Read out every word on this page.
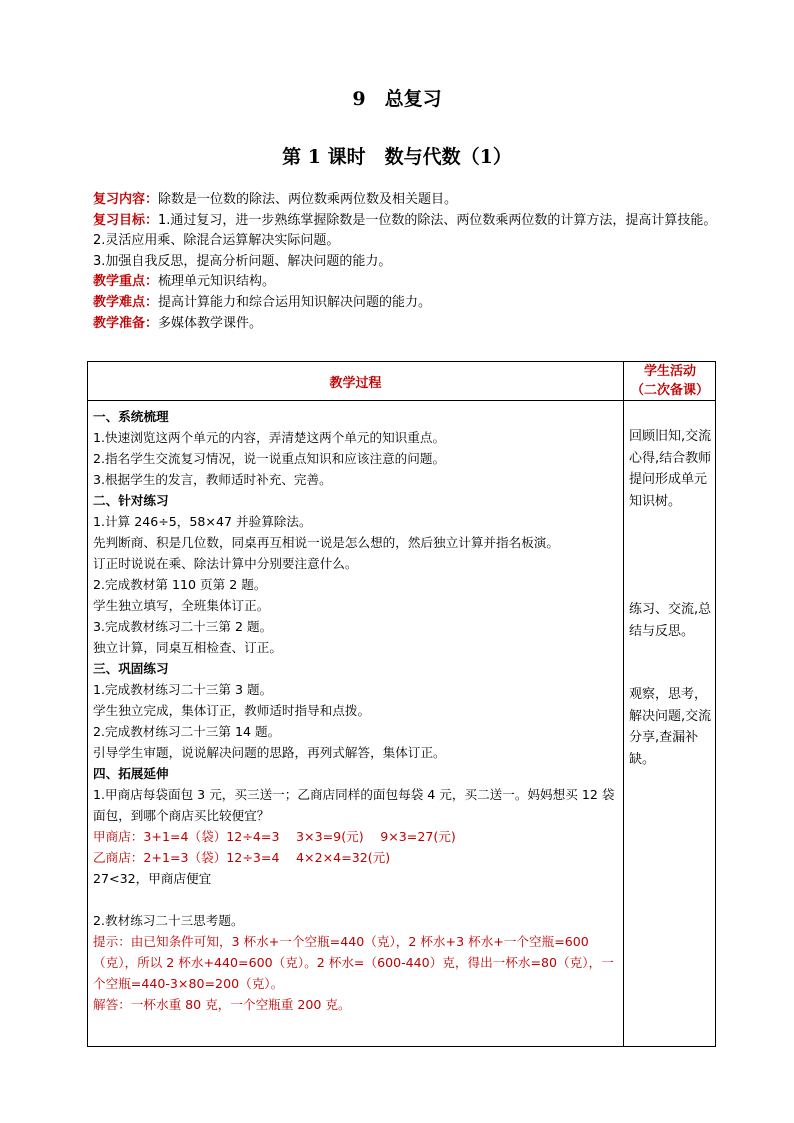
9　总复习
第 1 课时　数与代数（1）

复习内容：除数是一位数的除法、两位数乘两位数及相关题目。

复习目标：1.通过复习，进一步熟练掌握除数是一位数的除法、两位数乘两位数的计算方法，提高计算技能。

2.灵活应用乘、除混合运算解决实际问题。

3.加强自我反思，提高分析问题、解决问题的能力。

教学重点：梳理单元知识结构。

教学难点：提高计算能力和综合运用知识解决问题的能力。

教学准备：多媒体教学课件。

教学过程
学生活动
（二次备课）

一、系统梳理

1.快速浏览这两个单元的内容，弄清楚这两个单元的知识重点。

2.指名学生交流复习情况，说一说重点知识和应该注意的问题。

3.根据学生的发言，教师适时补充、完善。

二、针对练习

1.计算 246÷5，58×47 并验算除法。

先判断商、积是几位数，同桌再互相说一说是怎么想的，然后独立计算并指名板演。

订正时说说在乘、除法计算中分别要注意什么。

2.完成教材第 110 页第 2 题。

学生独立填写，全班集体订正。

3.完成教材练习二十三第 2 题。

独立计算，同桌互相检查、订正。

三、巩固练习

1.完成教材练习二十三第 3 题。

学生独立完成，集体订正，教师适时指导和点拨。

2.完成教材练习二十三第 14 题。

引导学生审题，说说解决问题的思路，再列式解答，集体订正。

四、拓展延伸

1.甲商店每袋面包 3 元，买三送一；乙商店同样的面包每袋 4 元，买二送一。妈妈想买 12 袋面包，到哪个商店买比较便宜？

甲商店：3+1=4（袋）12÷4=3　 3×3=9(元)　 9×3=27(元)

乙商店：2+1=3（袋）12÷3=4　 4×2×4=32(元)

27<32，甲商店便宜

2.教材练习二十三思考题。

提示：由已知条件可知，3 杯水+一个空瓶=440（克），2 杯水+3 杯水+一个空瓶=600（克），所以 2 杯水+440=600（克）。2 杯水=（600-440）克，得出一杯水=80（克），一个空瓶=440-3×80=200（克）。

解答：一杯水重 80 克，一个空瓶重 200 克。

回顾旧知,交流心得,结合教师提问形成单元知识树。
练习、交流,总结与反思。
观察，思考，解决问题,交流分享,查漏补缺。
